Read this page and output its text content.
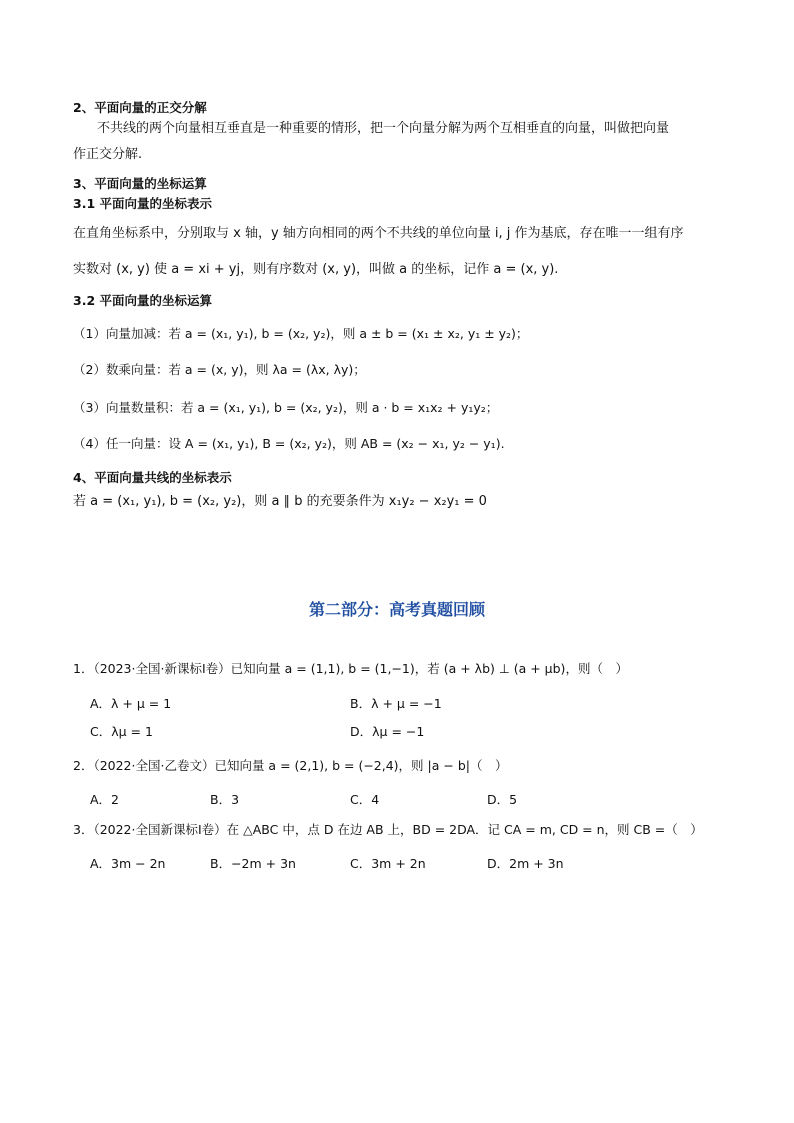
2、平面向量的正交分解
不共线的两个向量相互垂直是一种重要的情形，把一个向量分解为两个互相垂直的向量，叫做把向量
作正交分解.
3、平面向量的坐标运算
3.1 平面向量的坐标表示
在直角坐标系中，分别取与 x 轴，y 轴方向相同的两个不共线的单位向量 i, j 作为基底，存在唯一一组有序
实数对 (x, y) 使 a = xi + yj，则有序数对 (x, y)，叫做 a 的坐标，记作 a = (x, y).
3.2 平面向量的坐标运算
（1）向量加减：若 a = (x₁, y₁), b = (x₂, y₂)，则 a ± b = (x₁ ± x₂, y₁ ± y₂)；
（2）数乘向量：若 a = (x, y)，则 λa = (λx, λy)；
（3）向量数量积：若 a = (x₁, y₁), b = (x₂, y₂)，则 a · b = x₁x₂ + y₁y₂；
（4）任一向量：设 A = (x₁, y₁), B = (x₂, y₂)，则 AB = (x₂ − x₁, y₂ − y₁).
4、平面向量共线的坐标表示
若 a = (x₁, y₁), b = (x₂, y₂)，则 a ∥ b 的充要条件为 x₁y₂ − x₂y₁ = 0
第二部分：高考真题回顾
1．（2023·全国·新课标Ⅰ卷）已知向量 a = (1,1), b = (1,−1)，若 (a + λb) ⊥ (a + μb)，则（　）
A．λ + μ = 1	B．λ + μ = −1
C．λμ = 1	D．λμ = −1
2．（2022·全国·乙卷文）已知向量 a = (2,1), b = (−2,4)，则 |a − b|（　）
A．2	B．3	C．4	D．5
3．（2022·全国新课标Ⅰ卷）在 △ABC 中，点 D 在边 AB 上，BD = 2DA．记 CA = m, CD = n，则 CB =（　）
A．3m − 2n	B．−2m + 3n	C．3m + 2n	D．2m + 3n
